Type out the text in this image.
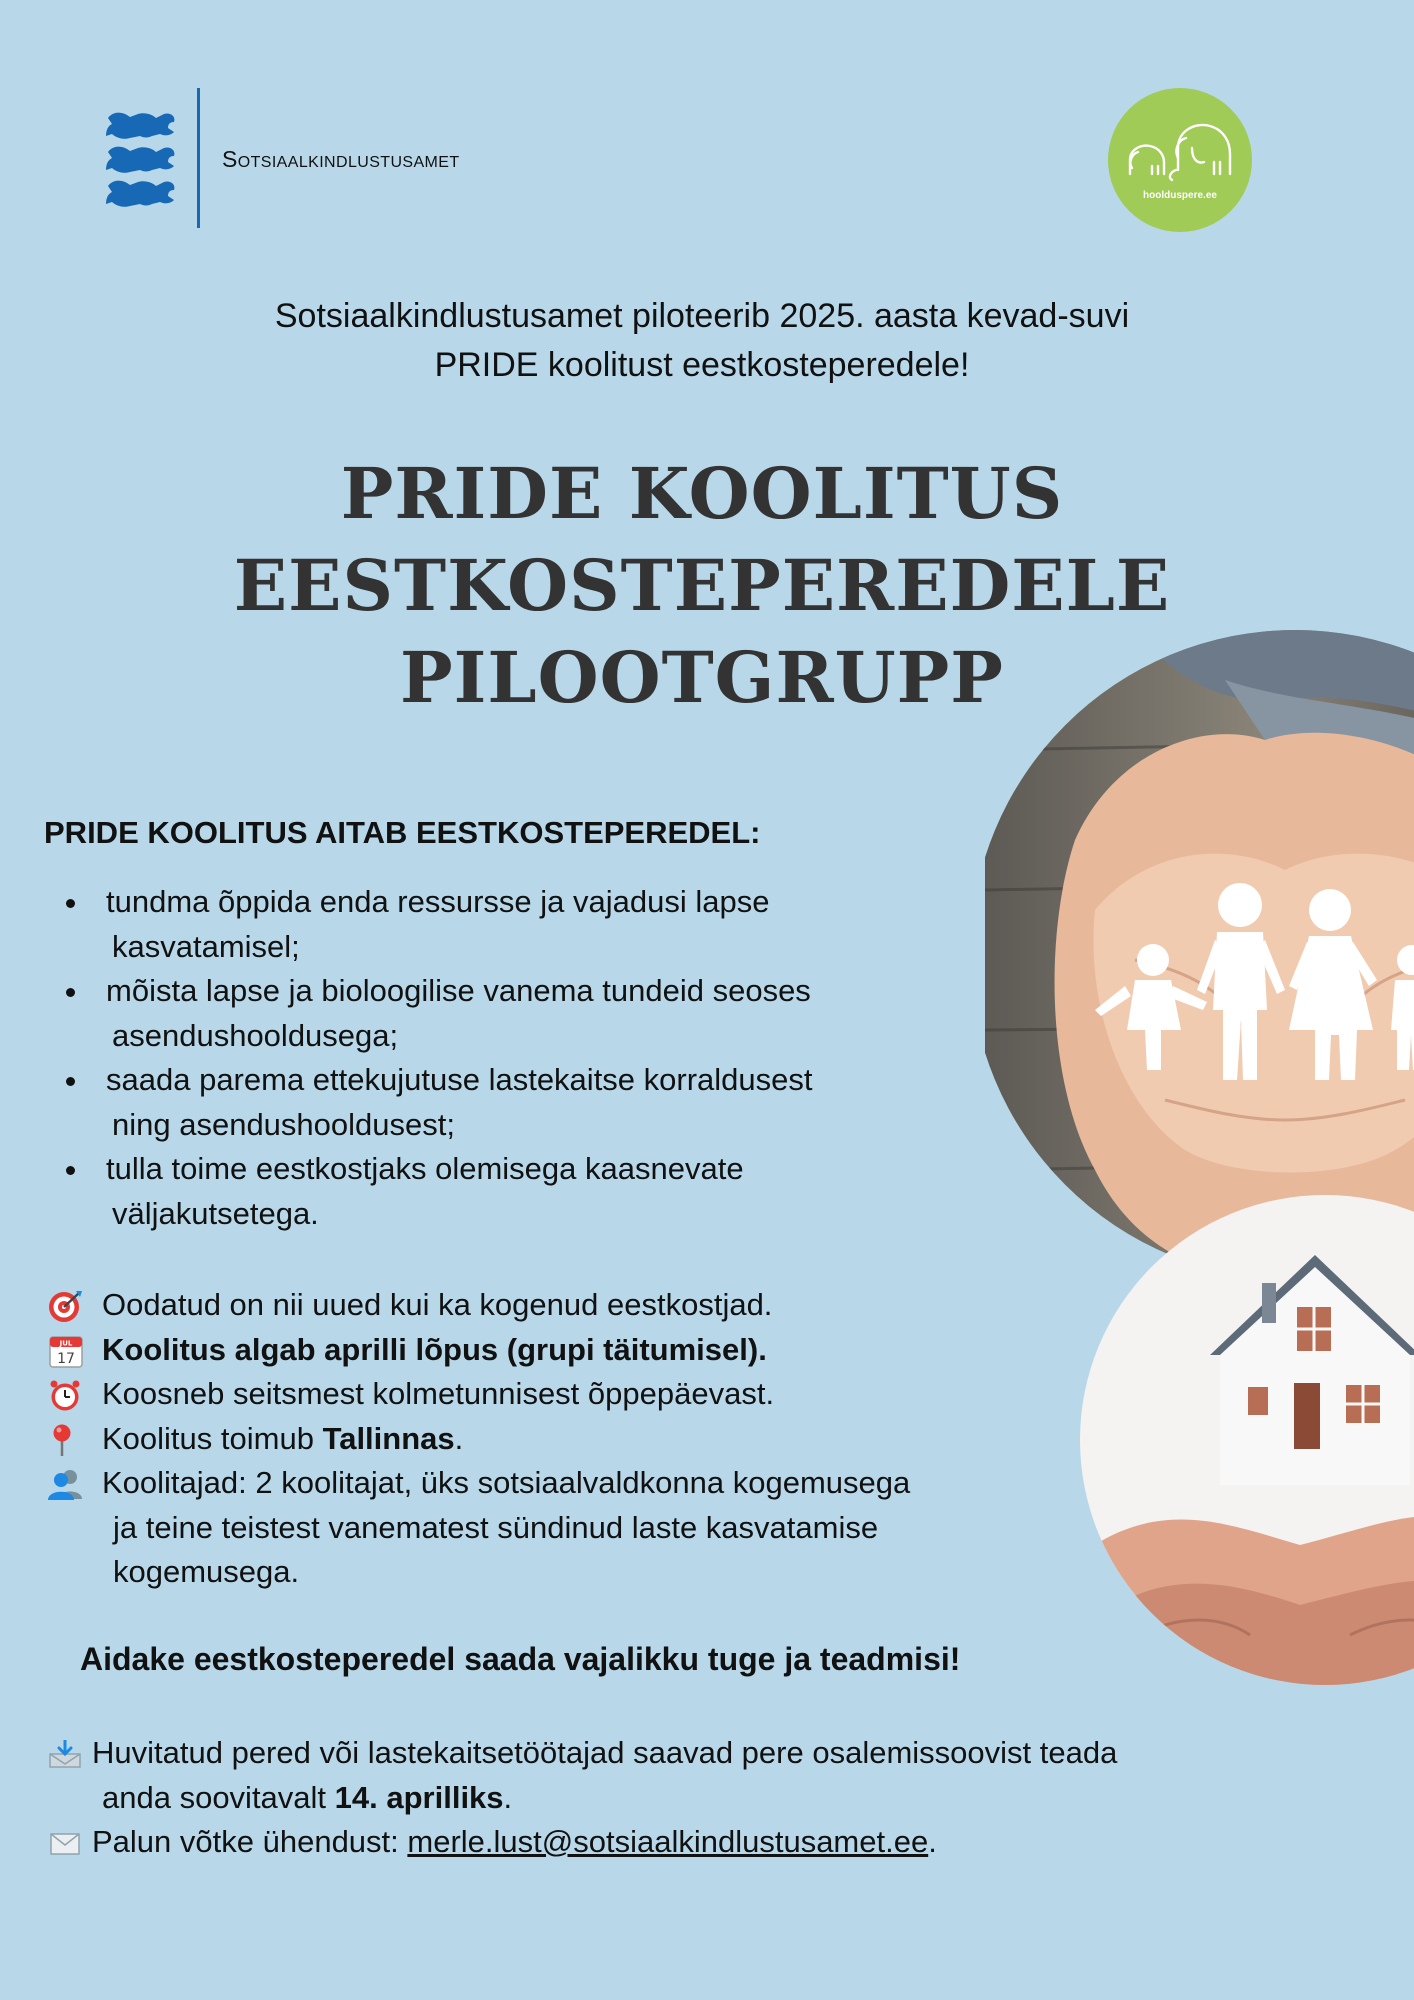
Sotsiaalkindlustusamet
hoolduspere.ee
Sotsiaalkindlustusamet piloteerib 2025. aasta kevad-suvi
PRIDE koolitust eestkosteperedele!
PRIDE KOOLITUS
EESTKOSTEPEREDELE
PILOOTGRUPP
PRIDE KOOLITUS AITAB EESTKOSTEPEREDEL:
tundma õppida enda ressursse ja vajadusi lapse
kasvatamisel;
mõista lapse ja bioloogilise vanema tundeid seoses
asendushooldusega;
saada parema ettekujutuse lastekaitse korraldusest
ning asendushooldusest;
tulla toime eestkostjaks olemisega kaasnevate
väljakutsetega.
Oodatud on nii uued kui ka kogenud eestkostjad.
JUL
17 Koolitus algab aprilli lõpus (grupi täitumisel).
Koosneb seitsmest kolmetunnisest õppepäevast.
Koolitus toimub Tallinnas.
Koolitajad: 2 koolitajat, üks sotsiaalvaldkonna kogemusega
ja teine teistest vanematest sündinud laste kasvatamise
kogemusega.
Aidake eestkosteperedel saada vajalikku tuge ja teadmisi!
Huvitatud pered või lastekaitsetöötajad saavad pere osalemissoovist teada
anda soovitavalt 14. aprilliks.
Palun võtke ühendust: merle.lust@sotsiaalkindlustusamet.ee.
